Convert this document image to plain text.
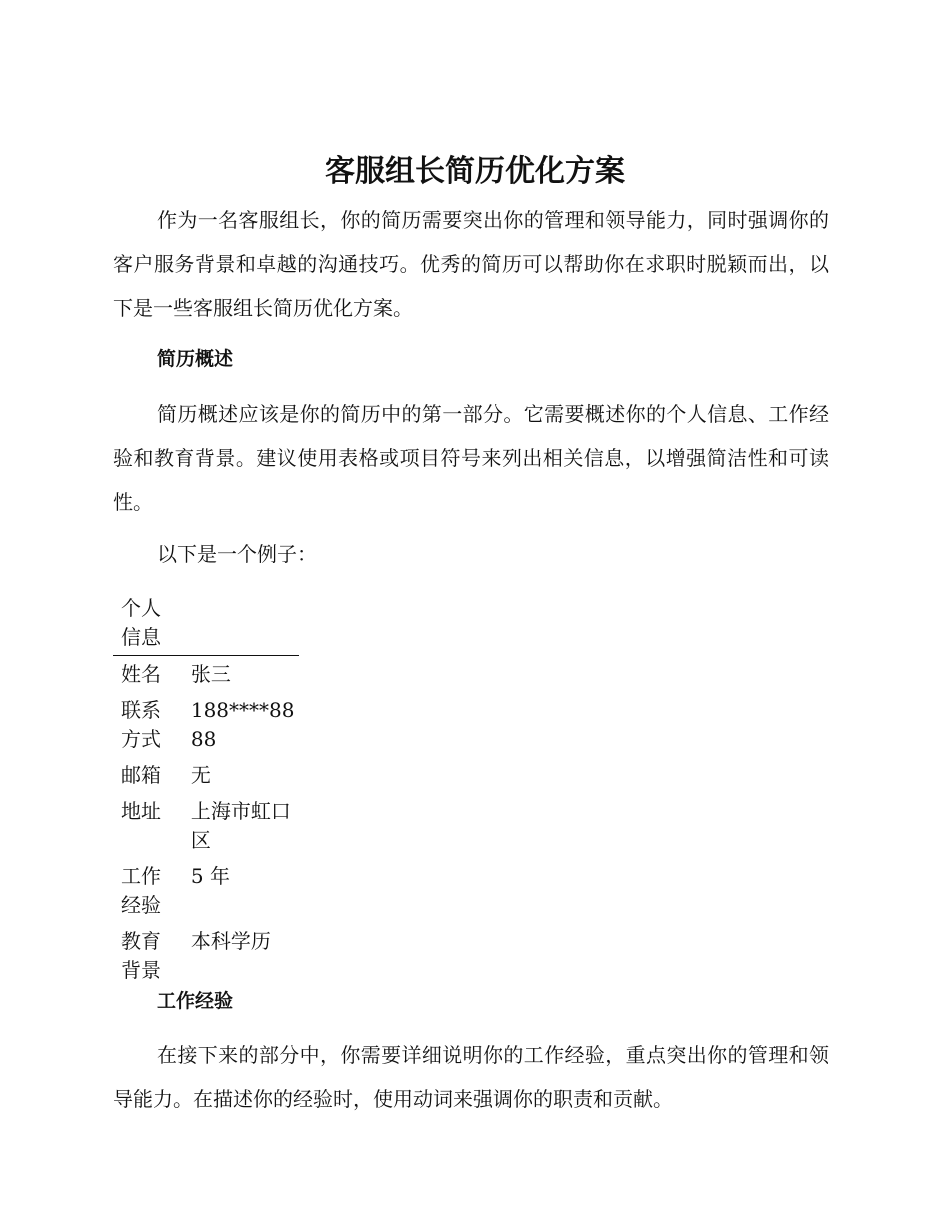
客服组长简历优化方案

作为一名客服组长，你的简历需要突出你的管理和领导能力，同时强调你的客户服务背景和卓越的沟通技巧。优秀的简历可以帮助你在求职时脱颖而出，以下是一些客服组长简历优化方案。

简历概述

简历概述应该是你的简历中的第一部分。它需要概述你的个人信息、工作经验和教育背景。建议使用表格或项目符号来列出相关信息，以增强简洁性和可读性。

以下是一个例子：

个人信息	
姓名	张三
联系方式	188****8888
邮箱	无
地址	上海市虹口区
工作经验	5 年
教育背景	本科学历
工作经验

在接下来的部分中，你需要详细说明你的工作经验，重点突出你的管理和领导能力。在描述你的经验时，使用动词来强调你的职责和贡献。
